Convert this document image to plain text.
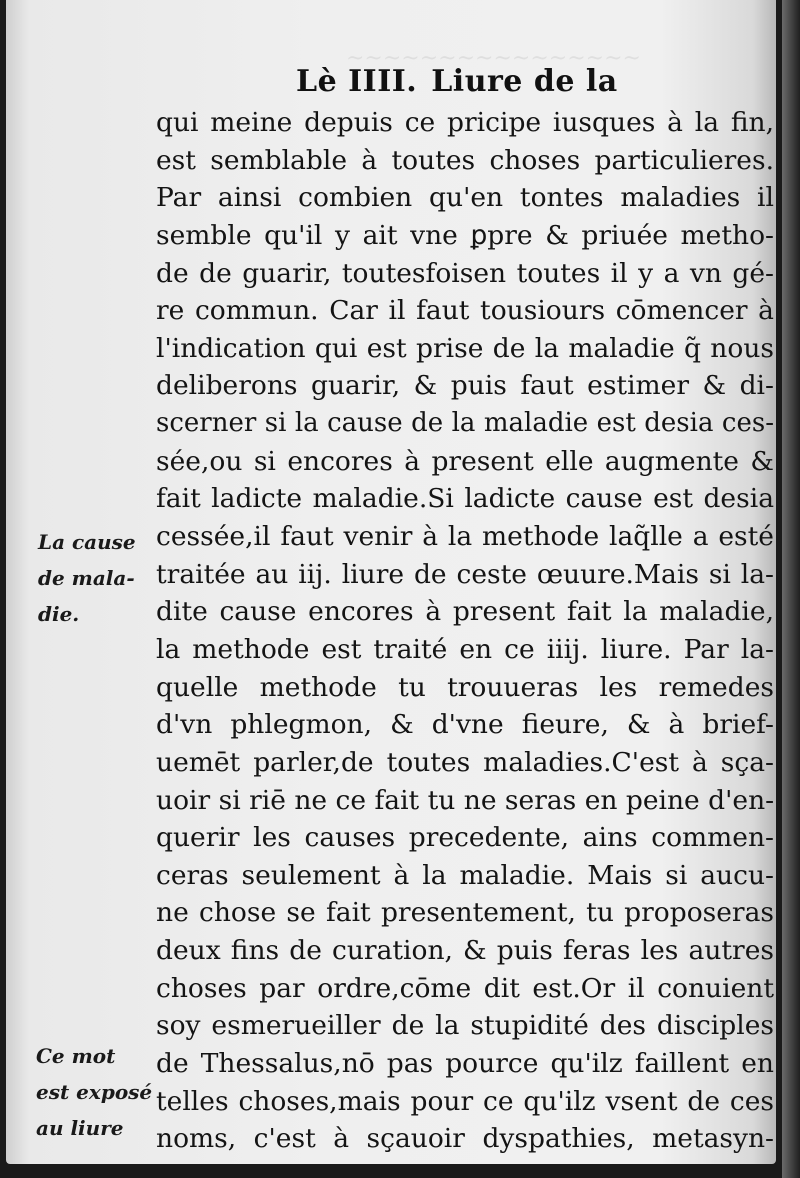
~~~~~~~~~~~~~~~~
Lè IIII. Liure de la
qui meine depuis ce pricipe iusques à la fin,
est semblable à toutes choses particulieres.
Par ainsi combien qu'en tontes maladies il
semble qu'il y ait vne ꝑpre & priuée metho-
de de guarir, toutesfoisen toutes il y a vn gé-
re commun. Car il faut tousiours cōmencer à
l'indication qui est prise de la maladie q̃ nous
deliberons guarir, & puis faut estimer & di-
scerner si la cause de la maladie est desia ces-
sée,ou si encores à present elle augmente &
fait ladicte maladie.Si ladicte cause est desia
cessée,il faut venir à la methode laq̃lle a esté
traitée au iij. liure de ceste œuure.Mais si la-
dite cause encores à present fait la maladie,
la methode est traité en ce iiij. liure. Par la-
quelle methode tu trouueras les remedes
d'vn phlegmon, & d'vne fieure, & à brief-
uemēt parler,de toutes maladies.C'est à sça-
uoir si riē ne ce fait tu ne seras en peine d'en-
querir les causes precedente, ains commen-
ceras seulement à la maladie. Mais si aucu-
ne chose se fait presentement, tu proposeras
deux fins de curation, & puis feras les autres
choses par ordre,cōme dit est.Or il conuient
soy esmerueiller de la stupidité des disciples
de Thessalus,nō pas pource qu'ilz faillent en
telles choses,mais pour ce qu'ilz vsent de ces
noms, c'est à sçauoir dyspathies, metasyn-
La cause
de mala-
die.
Ce mot
est exposé
au liure
